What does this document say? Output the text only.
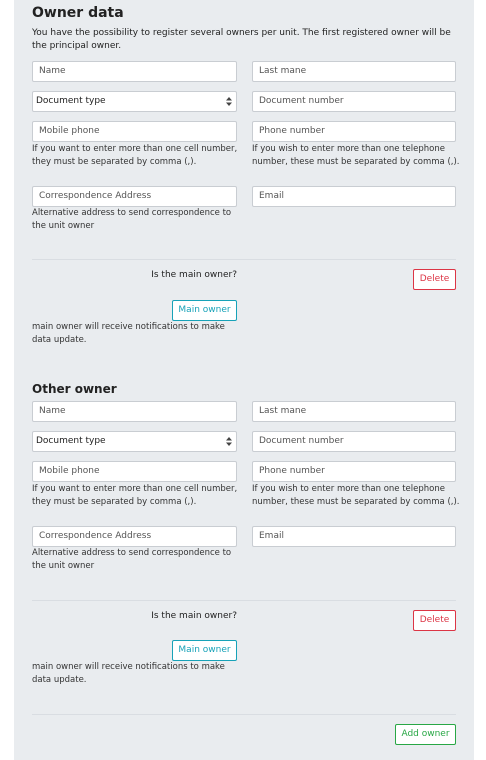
Owner data
You have the possibility to register several owners per unit. The first registered owner will be the principal owner.
Name	Last mane
Document type	Document number
Mobile phone	Phone number
If you want to enter more than one cell number, they must be separated by comma (,).
If you wish to enter more than one telephone number, these must be separated by comma (,).
Correspondence Address	Email
Alternative address to send correspondence to the unit owner
Is the main owner?	Delete
Main owner
main owner will receive notifications to make data update.
Other owner
Name	Last mane
Document type	Document number
Mobile phone	Phone number
If you want to enter more than one cell number, they must be separated by comma (,).
If you wish to enter more than one telephone number, these must be separated by comma (,).
Correspondence Address	Email
Alternative address to send correspondence to the unit owner
Is the main owner?	Delete
Main owner
main owner will receive notifications to make data update.
Add owner
